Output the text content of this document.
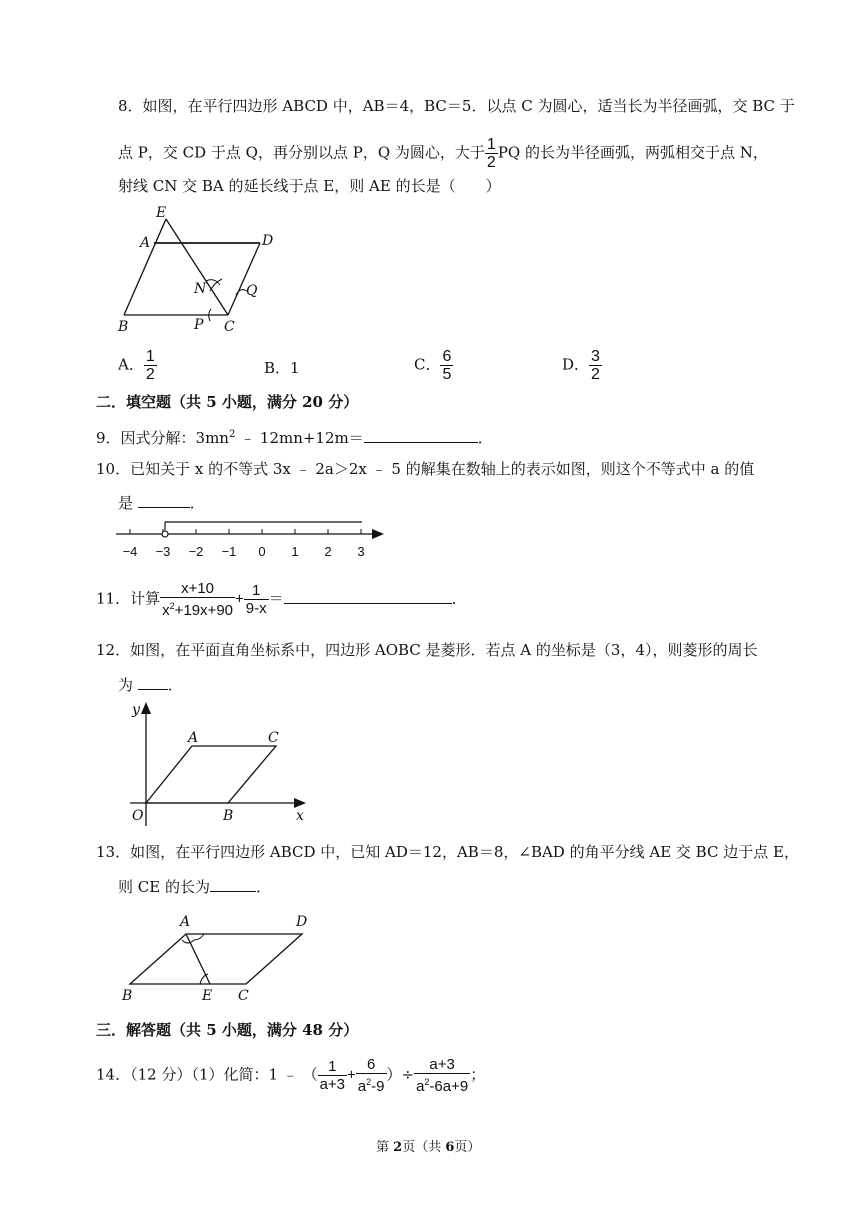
8．如图，在平行四边形 ABCD 中，AB＝4，BC＝5．以点 C 为圆心，适当长为半径画弧，交 BC 于
点 P，交 CD 于点 Q，再分别以点 P，Q 为圆心，大于 $\frac{1}{2}$ PQ 的长为半径画弧，两弧相交于点 N，
射线 CN 交 BA 的延长线于点 E，则 AE 的长是（　　）
E
A	D
N	Q
B	P C
A． $\frac{1}{2}$	B．1	C． $\frac{6}{5}$	D． $\frac{3}{2}$
二．填空题（共 5 小题，满分 20 分）
9．因式分解：$3mn^2$ ﹣ 12mn+12m＝	．
10．已知关于 x 的不等式 3x ﹣ 2a＞2x ﹣ 5 的解集在数轴上的表示如图，则这个不等式中 a 的值
是	．
−4 −3 −2 −1 0 1 2 3
11．计算 $\frac{x+10}{x^2+19x+90} + \frac{1}{9-x}$ ＝	．
12．如图，在平面直角坐标系中，四边形 AOBC 是菱形．若点 A 的坐标是（3，4），则菱形的周长
为 ．
y
A	C
O	B	x
13．如图，在平行四边形 ABCD 中，已知 AD＝12，AB＝8，∠BAD 的角平分线 AE 交 BC 边于点 E，
则 CE 的长为	．
A	D
B	E C
三．解答题（共 5 小题，满分 48 分）
14．（12 分）（1）化简：1 ﹣ （ $\frac{1}{a+3} + \frac{6}{a^2-9}$ ）÷ $\frac{a+3}{a^2-6a+9}$ ；
第 2页（共 6页）
